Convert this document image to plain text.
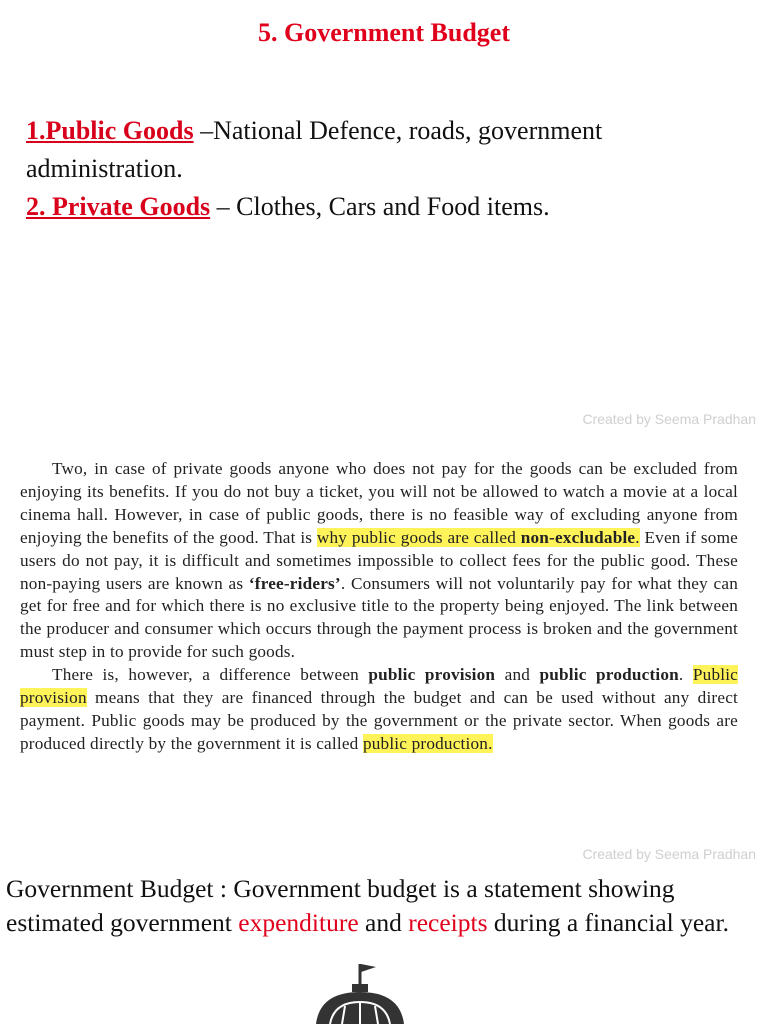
5. Government Budget
1.Public Goods –National Defence, roads, government administration.
2. Private Goods – Clothes, Cars and Food items.
Created by Seema Pradhan

Two, in case of private goods anyone who does not pay for the goods can be excluded from enjoying its benefits. If you do not buy a ticket, you will not be allowed to watch a movie at a local cinema hall. However, in case of public goods, there is no feasible way of excluding anyone from enjoying the benefits of the good. That is why public goods are called non-excludable. Even if some users do not pay, it is difficult and sometimes impossible to collect fees for the public good. These non-paying users are known as ‘free-riders’. Consumers will not voluntarily pay for what they can get for free and for which there is no exclusive title to the property being enjoyed. The link between the producer and consumer which occurs through the payment process is broken and the government must step in to provide for such goods.

There is, however, a difference between public provision and public production. Public provision means that they are financed through the budget and can be used without any direct payment. Public goods may be produced by the government or the private sector. When goods are produced directly by the government it is called public production.

Created by Seema Pradhan
Government Budget : Government budget is a statement showing estimated government expenditure and receipts during a financial year.
